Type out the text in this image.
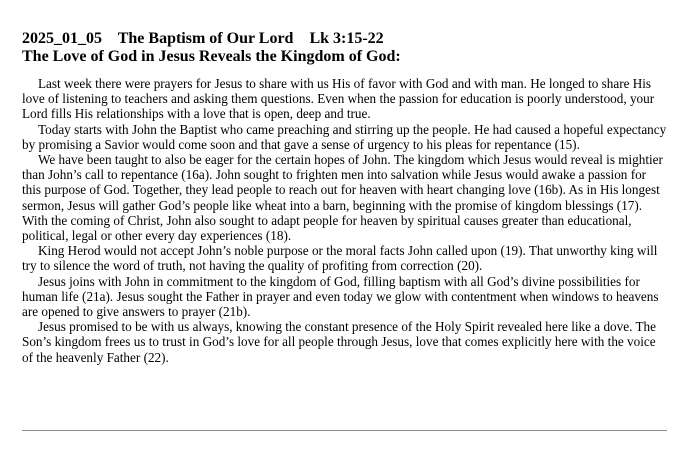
2025_01_05 The Baptism of Our Lord Lk 3:15-22
The Love of God in Jesus Reveals the Kingdom of God:

Last week there were prayers for Jesus to share with us His of favor with God and with man. He longed to share His love of listening to teachers and asking them questions. Even when the passion for education is poorly understood, your Lord fills His relationships with a love that is open, deep and true.

Today starts with John the Baptist who came preaching and stirring up the people. He had caused a hopeful expectancy by promising a Savior would come soon and that gave a sense of urgency to his pleas for repentance (15).

We have been taught to also be eager for the certain hopes of John. The kingdom which Jesus would reveal is mightier than John’s call to repentance (16a). John sought to frighten men into salvation while Jesus would awake a passion for this purpose of God. Together, they lead people to reach out for heaven with heart changing love (16b). As in His longest sermon, Jesus will gather God’s people like wheat into a barn, beginning with the promise of kingdom blessings (17). With the coming of Christ, John also sought to adapt people for heaven by spiritual causes greater than educational, political, legal or other every day experiences (18).

King Herod would not accept John’s noble purpose or the moral facts John called upon (19). That unworthy king will try to silence the word of truth, not having the quality of profiting from correction (20).

Jesus joins with John in commitment to the kingdom of God, filling baptism with all God’s divine possibilities for human life (21a). Jesus sought the Father in prayer and even today we glow with contentment when windows to heavens are opened to give answers to prayer (21b).

Jesus promised to be with us always, knowing the constant presence of the Holy Spirit revealed here like a dove. The Son’s kingdom frees us to trust in God’s love for all people through Jesus, love that comes explicitly here with the voice of the heavenly Father (22).
